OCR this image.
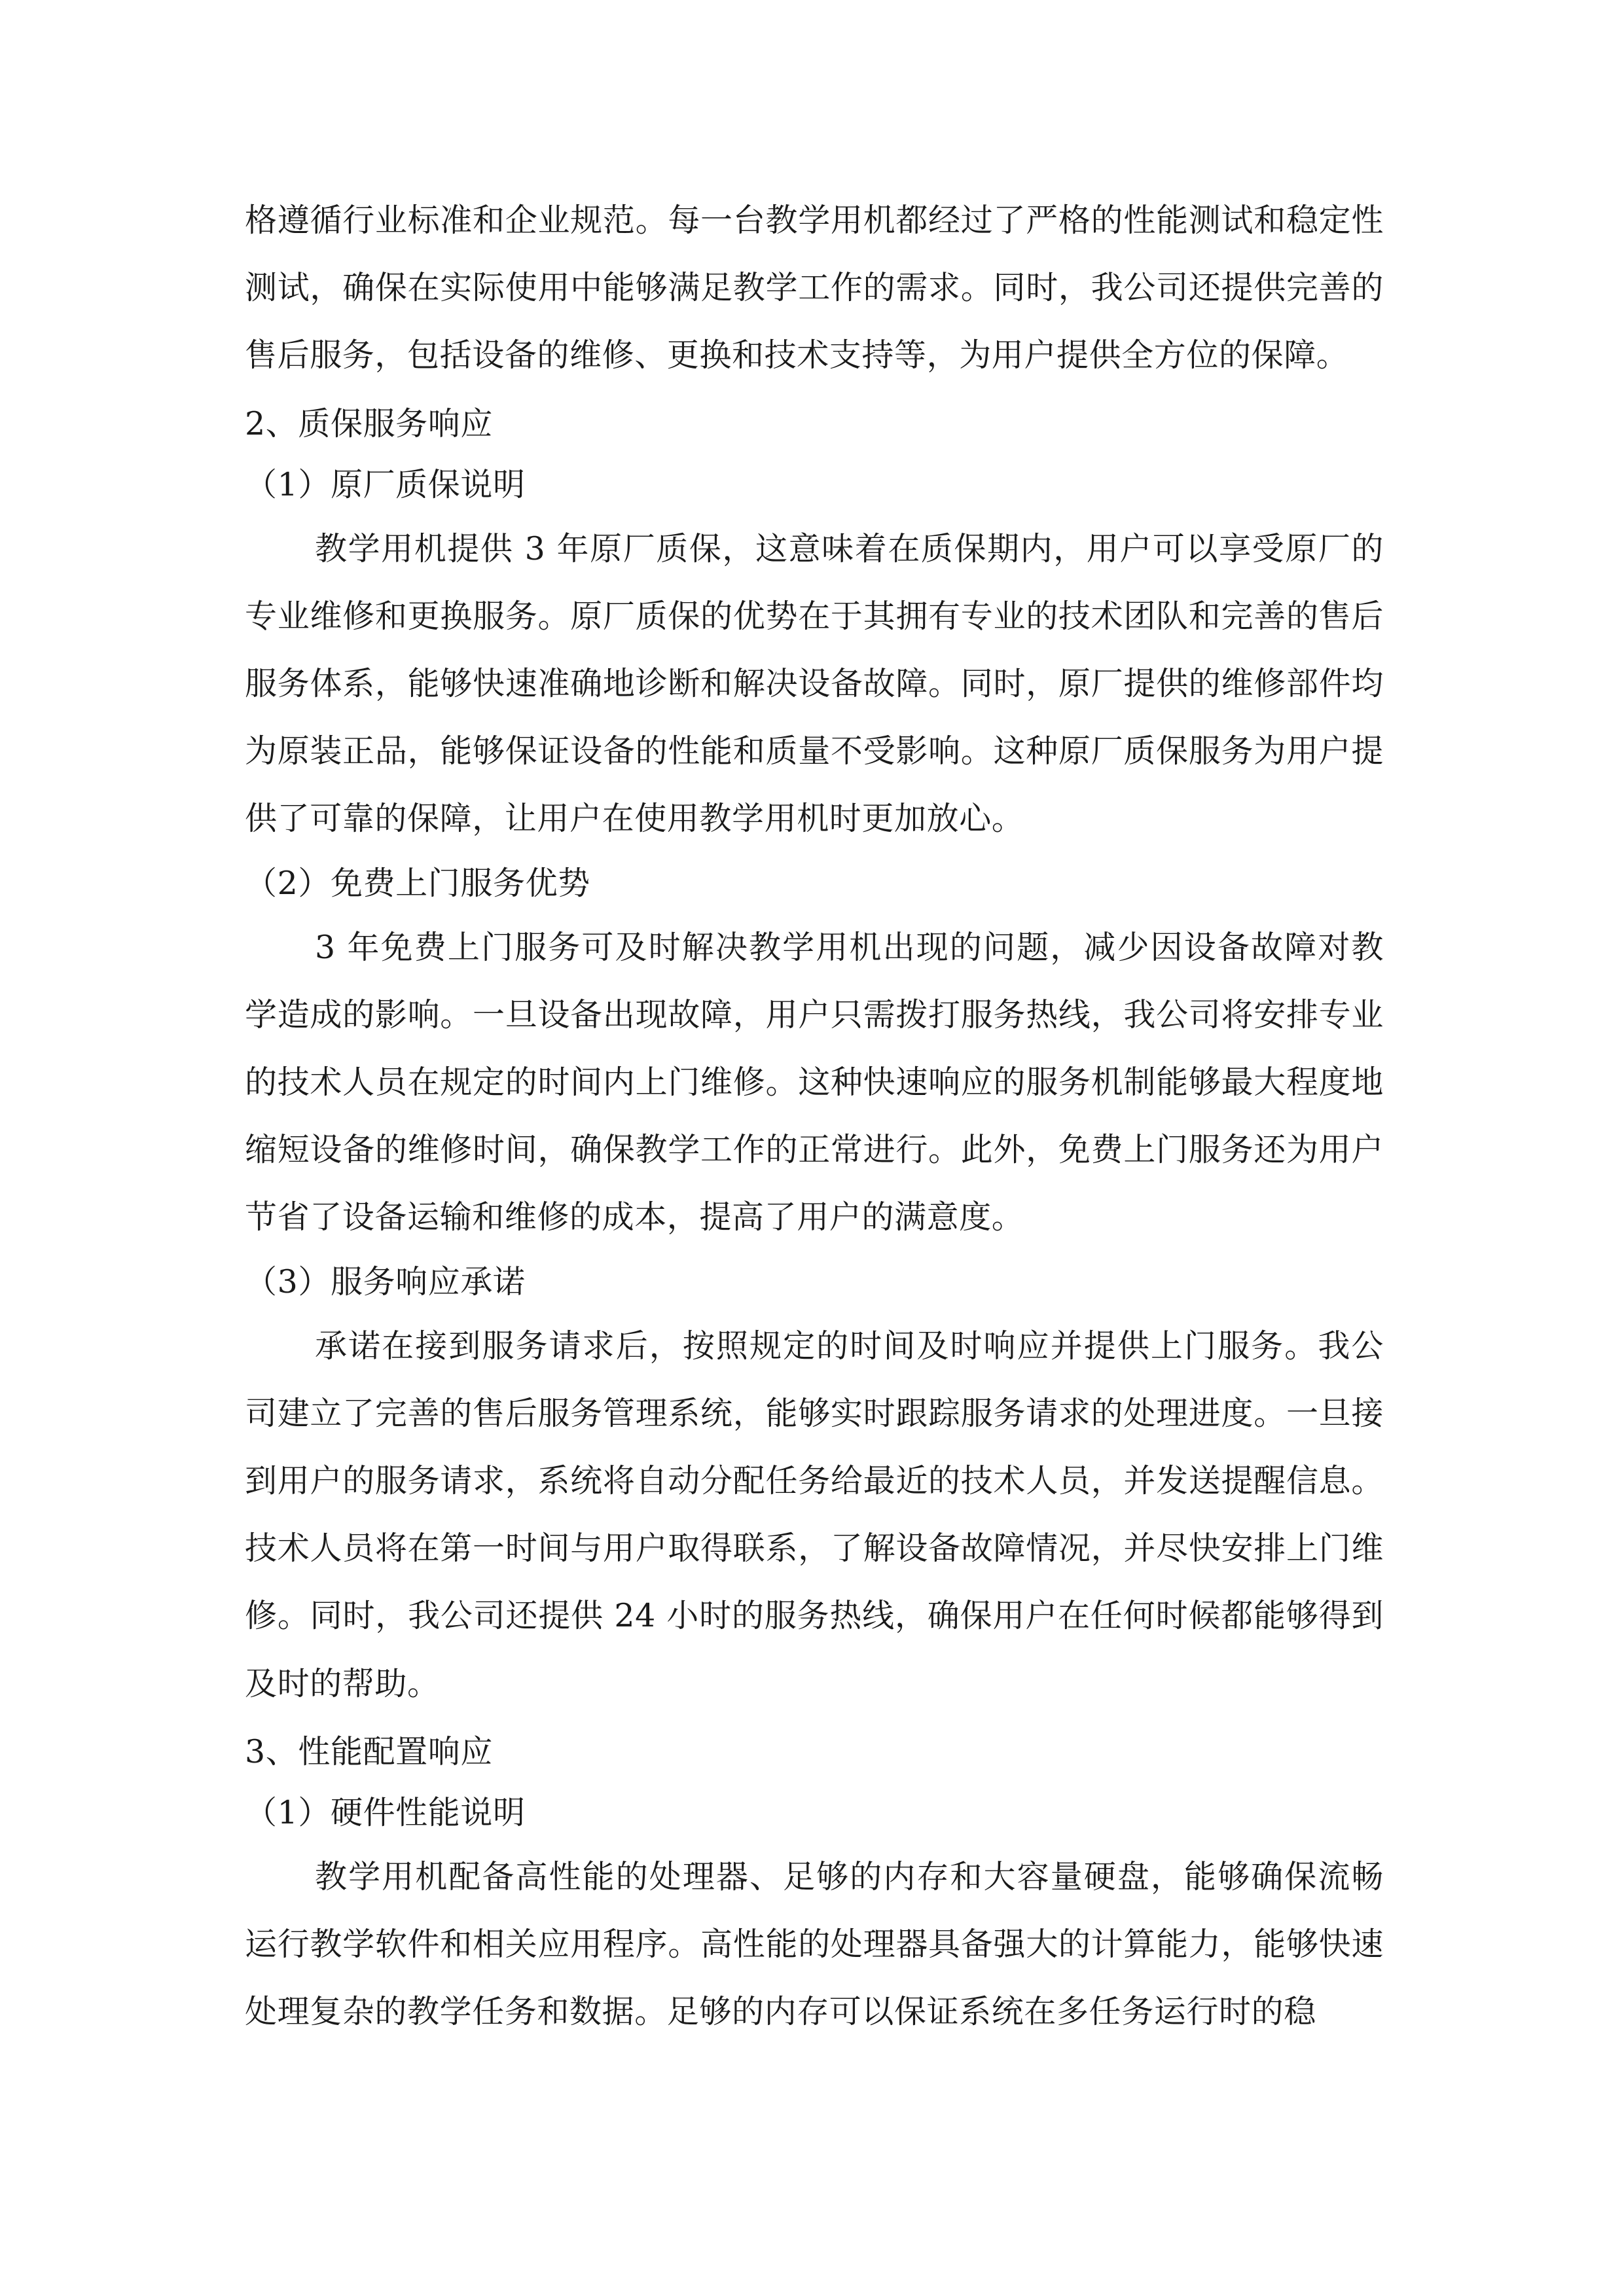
格遵循行业标准和企业规范。每一台教学用机都经过了严格的性能测试和稳定性测试，确保在实际使用中能够满足教学工作的需求。同时，我公司还提供完善的售后服务，包括设备的维修、更换和技术支持等，为用户提供全方位的保障。

2、质保服务响应

（1）原厂质保说明

教学用机提供 3 年原厂质保，这意味着在质保期内，用户可以享受原厂的专业维修和更换服务。原厂质保的优势在于其拥有专业的技术团队和完善的售后服务体系，能够快速准确地诊断和解决设备故障。同时，原厂提供的维修部件均为原装正品，能够保证设备的性能和质量不受影响。这种原厂质保服务为用户提供了可靠的保障，让用户在使用教学用机时更加放心。

（2）免费上门服务优势

3 年免费上门服务可及时解决教学用机出现的问题，减少因设备故障对教学造成的影响。一旦设备出现故障，用户只需拨打服务热线，我公司将安排专业的技术人员在规定的时间内上门维修。这种快速响应的服务机制能够最大程度地缩短设备的维修时间，确保教学工作的正常进行。此外，免费上门服务还为用户节省了设备运输和维修的成本，提高了用户的满意度。

（3）服务响应承诺

承诺在接到服务请求后，按照规定的时间及时响应并提供上门服务。我公司建立了完善的售后服务管理系统，能够实时跟踪服务请求的处理进度。一旦接到用户的服务请求，系统将自动分配任务给最近的技术人员，并发送提醒信息。技术人员将在第一时间与用户取得联系，了解设备故障情况，并尽快安排上门维修。同时，我公司还提供 24 小时的服务热线，确保用户在任何时候都能够得到及时的帮助。

3、性能配置响应

（1）硬件性能说明

教学用机配备高性能的处理器、足够的内存和大容量硬盘，能够确保流畅运行教学软件和相关应用程序。高性能的处理器具备强大的计算能力，能够快速处理复杂的教学任务和数据。足够的内存可以保证系统在多任务运行时的稳
